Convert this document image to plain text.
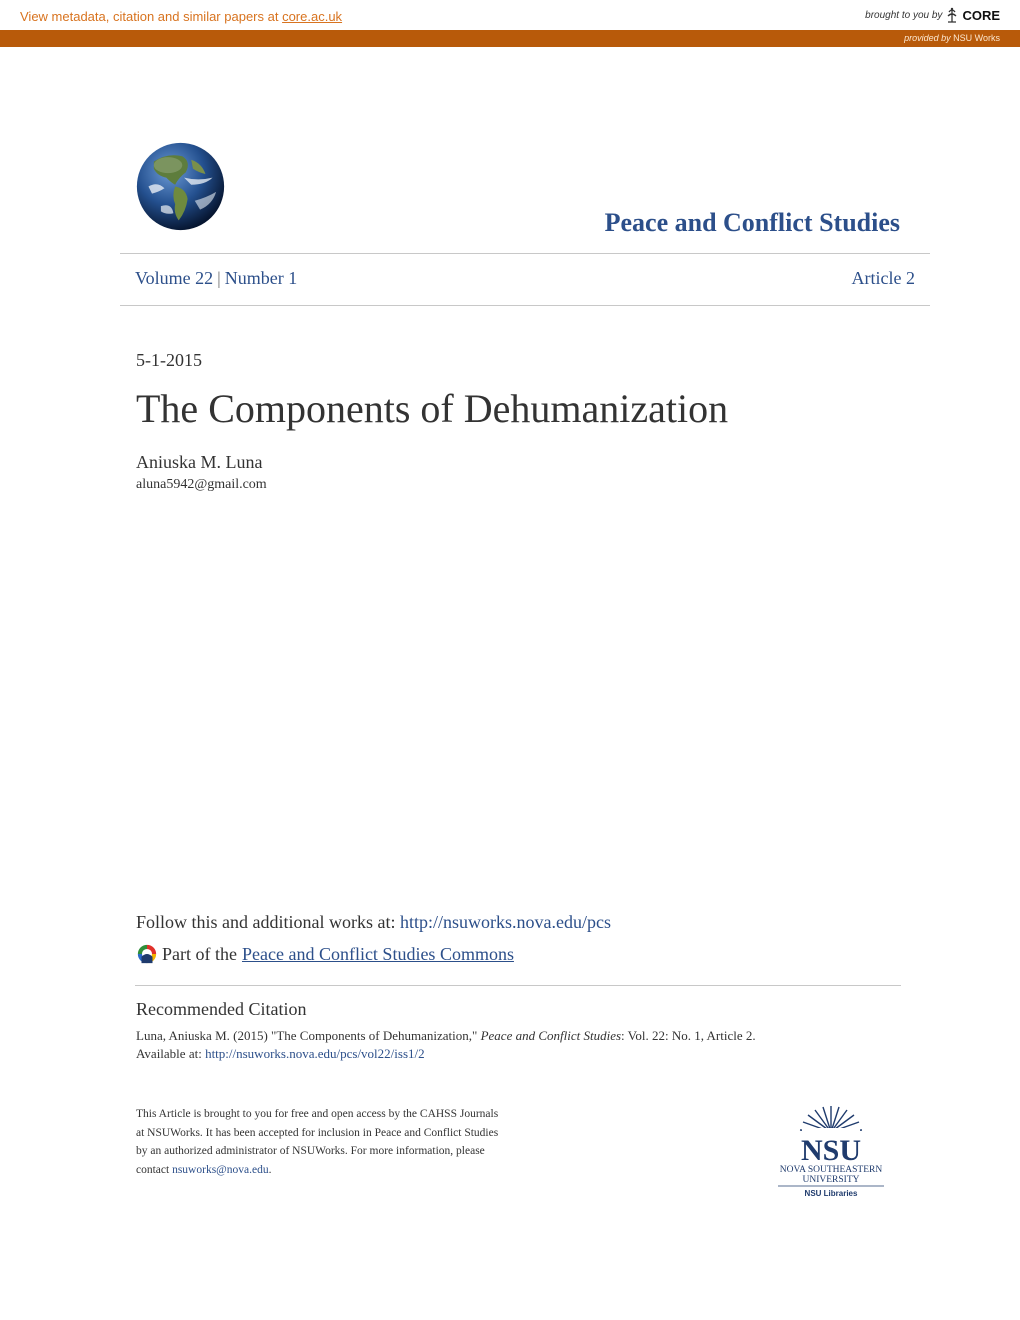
View metadata, citation and similar papers at core.ac.uk	brought to you by CORE
provided by NSU Works
Peace and Conflict Studies
Volume 22 | Number 1	Article 2
5-1-2015
The Components of Dehumanization
Aniuska M. Luna
aluna5942@gmail.com
Follow this and additional works at: http://nsuworks.nova.edu/pcs
Part of the Peace and Conflict Studies Commons
Recommended Citation
Luna, Aniuska M. (2015) "The Components of Dehumanization," Peace and Conflict Studies: Vol. 22: No. 1, Article 2.
Available at: http://nsuworks.nova.edu/pcs/vol22/iss1/2
This Article is brought to you for free and open access by the CAHSS Journals at NSUWorks. It has been accepted for inclusion in Peace and Conflict Studies by an authorized administrator of NSUWorks. For more information, please contact nsuworks@nova.edu.
NSU
NOVA SOUTHEASTERN
UNIVERSITY
NSU Libraries
